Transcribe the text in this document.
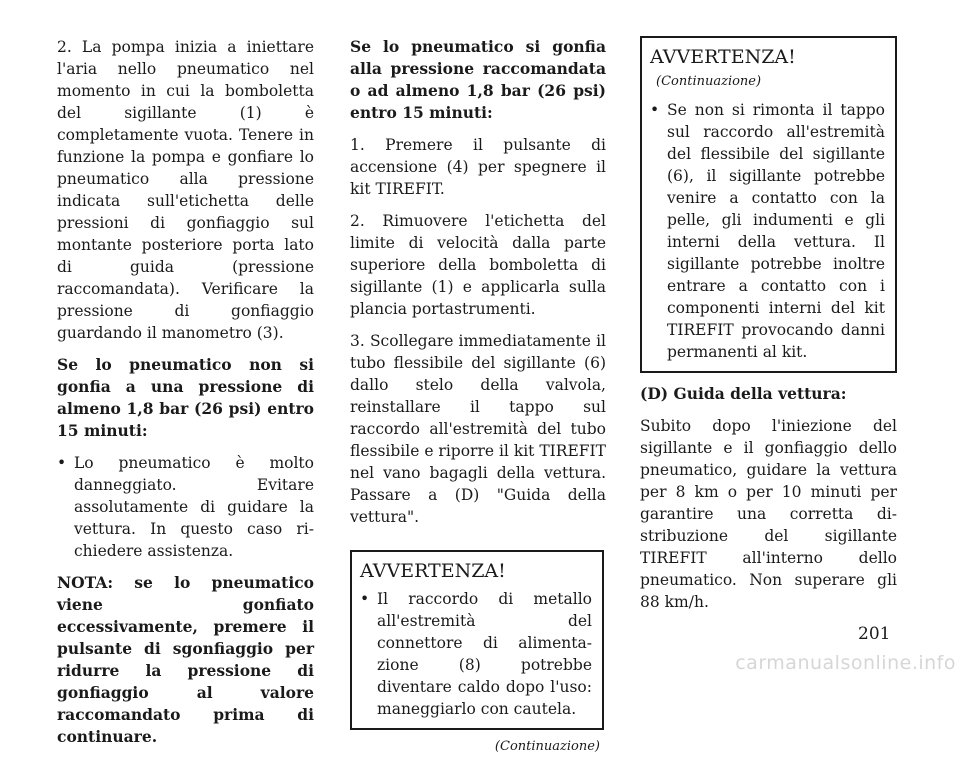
2. La pompa inizia a iniettare l'aria nello pneumatico nel momento in cui la bomboletta del sigillante (1) è completamente vuota. Tenere in funzione la pompa e gonfiare lo pneumatico alla pressione indicata sull'etichetta delle pressioni di gonfiaggio sul montante posteriore porta lato di guida (pressione raccomandata). Verificare la pressione di gonfiaggio guardando il manometro (3).

Se lo pneumatico non si gonfia a una pressione di almeno 1,8 bar (26 psi) entro 15 minuti:

• Lo pneumatico è molto danneggiato. Evitare assolutamente di guidare la vettura. In questo caso richiedere assistenza.

NOTA: se lo pneumatico viene gonfiato eccessivamente, premere il pulsante di sgonfiaggio per ridurre la pressione di gonfiaggio al valore raccomandato prima di continuare.

Se lo pneumatico si gonfia alla pressione raccomandata o ad almeno 1,8 bar (26 psi) entro 15 minuti:

1. Premere il pulsante di accensione (4) per spegnere il kit TIREFIT.

2. Rimuovere l'etichetta del limite di velocità dalla parte superiore della bomboletta di sigillante (1) e applicarla sulla plancia portastrumenti.

3. Scollegare immediatamente il tubo flessibile del sigillante (6) dallo stelo della valvola, reinstallare il tappo sul raccordo all'estremità del tubo flessibile e riporre il kit TIREFIT nel vano bagagli della vettura. Passare a (D) "Guida della vettura".

AVVERTENZA!
• Il raccordo di metallo all'estremità del connettore di alimentazione (8) potrebbe diventare caldo dopo l'uso: maneggiarlo con cautela.
(Continuazione)
AVVERTENZA!(Continuazione)
• Se non si rimonta il tappo sul raccordo all'estremità del flessibile del sigillante (6), il sigillante potrebbe venire a contatto con la pelle, gli indumenti e gli interni della vettura. Il sigillante potrebbe inoltre entrare a contatto con i componenti interni del kit TIREFIT provocando danni permanenti al kit.

(D) Guida della vettura:

Subito dopo l'iniezione del sigillante e il gonfiaggio dello pneumatico, guidare la vettura per 8 km o per 10 minuti per garantire una corretta distribuzione del sigillante TIREFIT all'interno dello pneumatico. Non superare gli 88 km/h.

201
carmanualsonline.info
